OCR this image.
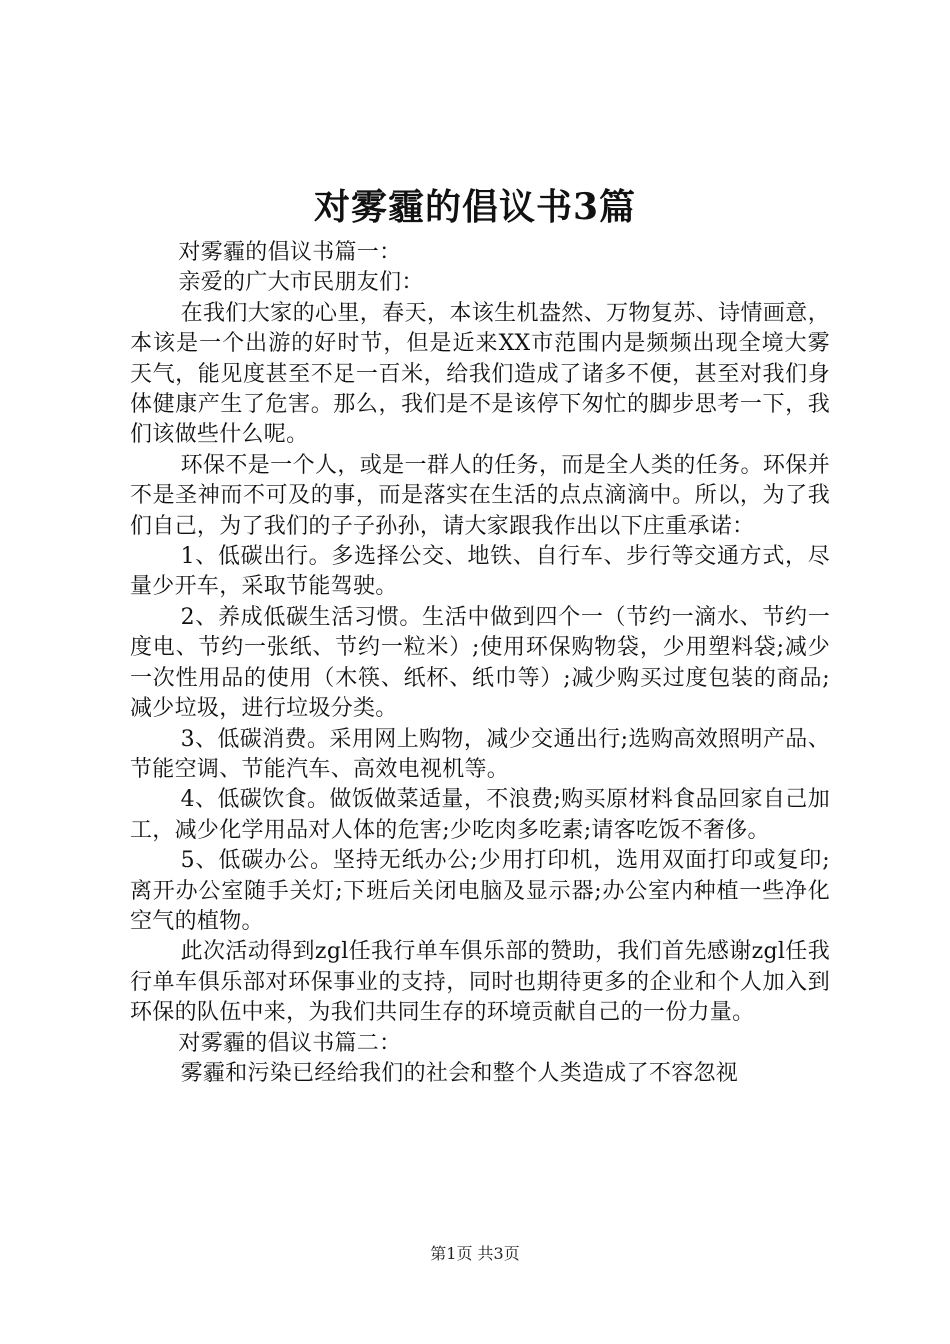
对雾霾的倡议书3篇

对雾霾的倡议书篇一：

亲爱的广大市民朋友们：

在我们大家的心里，春天，本该生机盎然、万物复苏、诗情画意，本该是一个出游的好时节，但是近来XX市范围内是频频出现全境大雾天气，能见度甚至不足一百米，给我们造成了诸多不便，甚至对我们身体健康产生了危害。那么，我们是不是该停下匆忙的脚步思考一下，我们该做些什么呢。

环保不是一个人，或是一群人的任务，而是全人类的任务。环保并不是圣神而不可及的事，而是落实在生活的点点滴滴中。所以，为了我们自己，为了我们的子子孙孙，请大家跟我作出以下庄重承诺：

1、低碳出行。多选择公交、地铁、自行车、步行等交通方式，尽量少开车，采取节能驾驶。

2、养成低碳生活习惯。生活中做到四个一（节约一滴水、节约一度电、节约一张纸、节约一粒米）;使用环保购物袋，少用塑料袋;减少一次性用品的使用（木筷、纸杯、纸巾等）;减少购买过度包装的商品;减少垃圾，进行垃圾分类。

3、低碳消费。采用网上购物，减少交通出行;选购高效照明产品、节能空调、节能汽车、高效电视机等。

4、低碳饮食。做饭做菜适量，不浪费;购买原材料食品回家自己加工，减少化学用品对人体的危害;少吃肉多吃素;请客吃饭不奢侈。

5、低碳办公。坚持无纸办公;少用打印机，选用双面打印或复印;离开办公室随手关灯;下班后关闭电脑及显示器;办公室内种植一些净化空气的植物。

此次活动得到zgl任我行单车俱乐部的赞助，我们首先感谢zgl任我行单车俱乐部对环保事业的支持，同时也期待更多的企业和个人加入到环保的队伍中来，为我们共同生存的环境贡献自己的一份力量。

对雾霾的倡议书篇二：

雾霾和污染已经给我们的社会和整个人类造成了不容忽视

第1页 共3页
